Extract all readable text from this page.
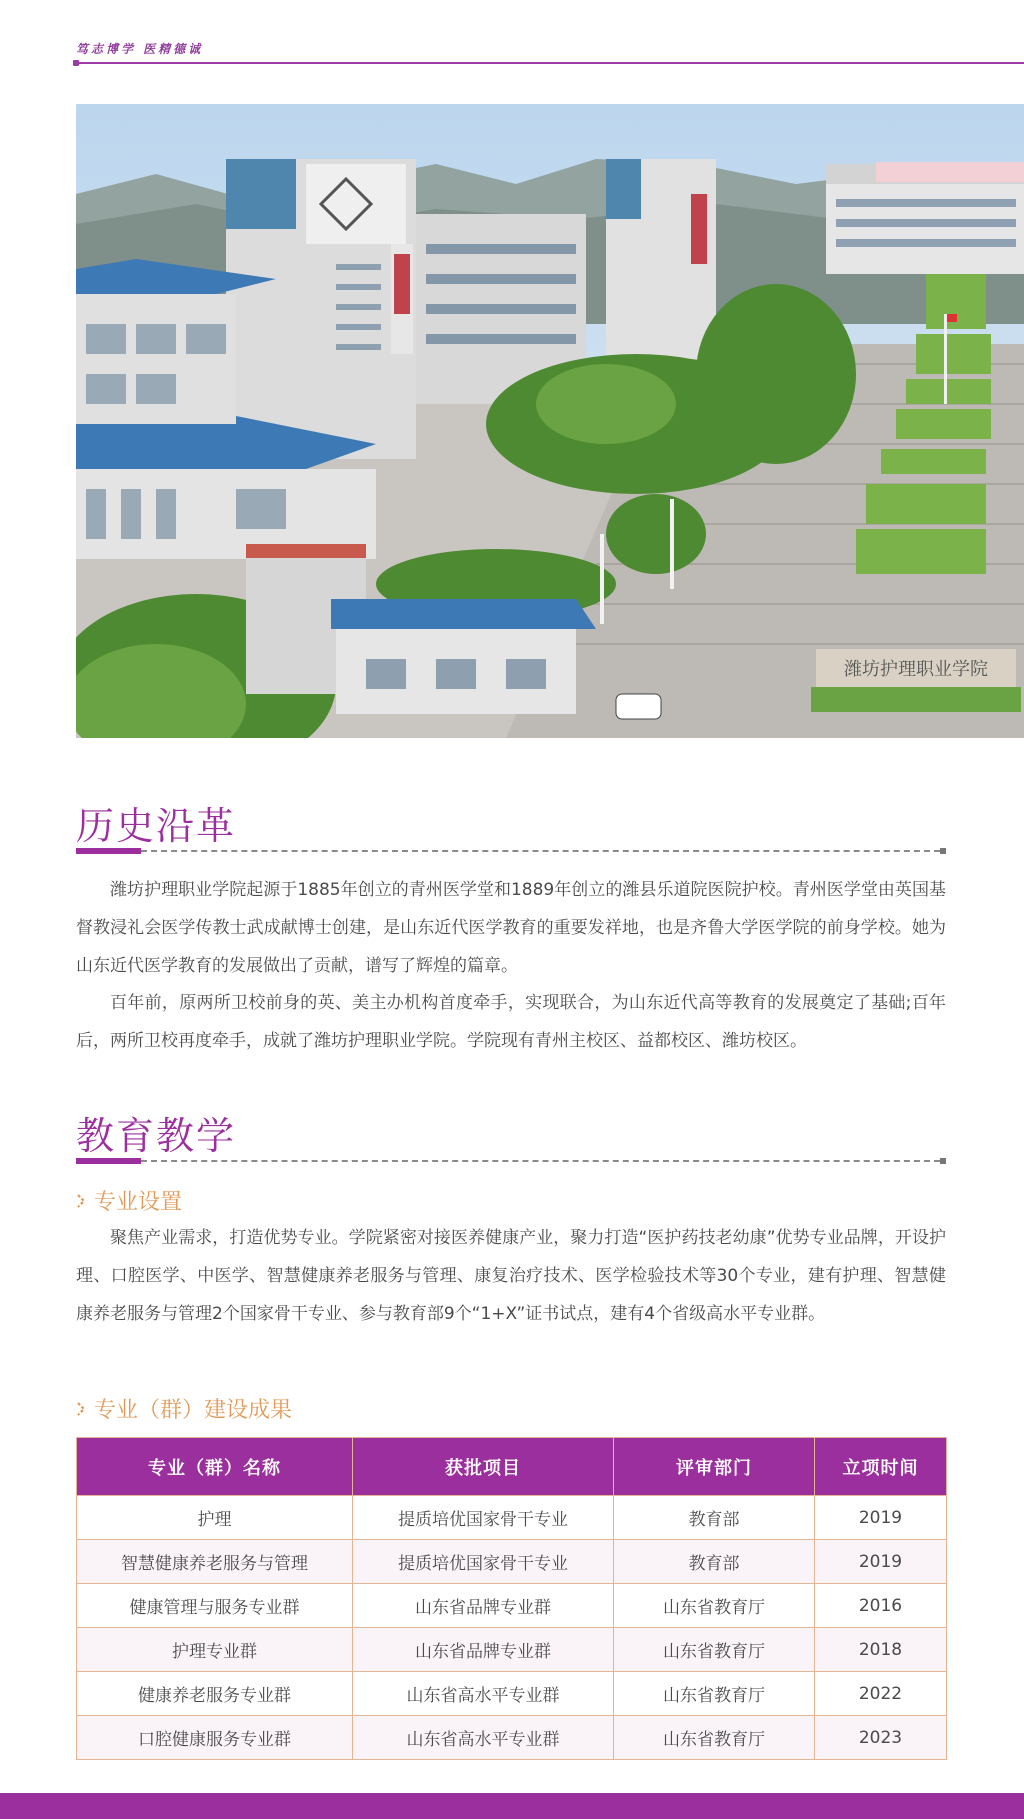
笃志博学 医精德诚
潍坊护理职业学院
历史沿革

潍坊护理职业学院起源于1885年创立的青州医学堂和1889年创立的潍县乐道院医院护校。青州医学堂由英国基督教浸礼会医学传教士武成献博士创建，是山东近代医学教育的重要发祥地，也是齐鲁大学医学院的前身学校。她为山东近代医学教育的发展做出了贡献，谱写了辉煌的篇章。

百年前，原两所卫校前身的英、美主办机构首度牵手，实现联合，为山东近代高等教育的发展奠定了基础;百年后，两所卫校再度牵手，成就了潍坊护理职业学院。学院现有青州主校区、益都校区、潍坊校区。

教育教学
专业设置

聚焦产业需求，打造优势专业。学院紧密对接医养健康产业，聚力打造“医护药技老幼康”优势专业品牌，开设护理、口腔医学、中医学、智慧健康养老服务与管理、康复治疗技术、医学检验技术等30个专业，建有护理、智慧健康养老服务与管理2个国家骨干专业、参与教育部9个“1+X”证书试点，建有4个省级高水平专业群。

专业（群）建设成果
专业（群）名称	获批项目	评审部门	立项时间
护理	提质培优国家骨干专业	教育部	2019
智慧健康养老服务与管理	提质培优国家骨干专业	教育部	2019
健康管理与服务专业群	山东省品牌专业群	山东省教育厅	2016
护理专业群	山东省品牌专业群	山东省教育厅	2018
健康养老服务专业群	山东省高水平专业群	山东省教育厅	2022
口腔健康服务专业群	山东省高水平专业群	山东省教育厅	2023
